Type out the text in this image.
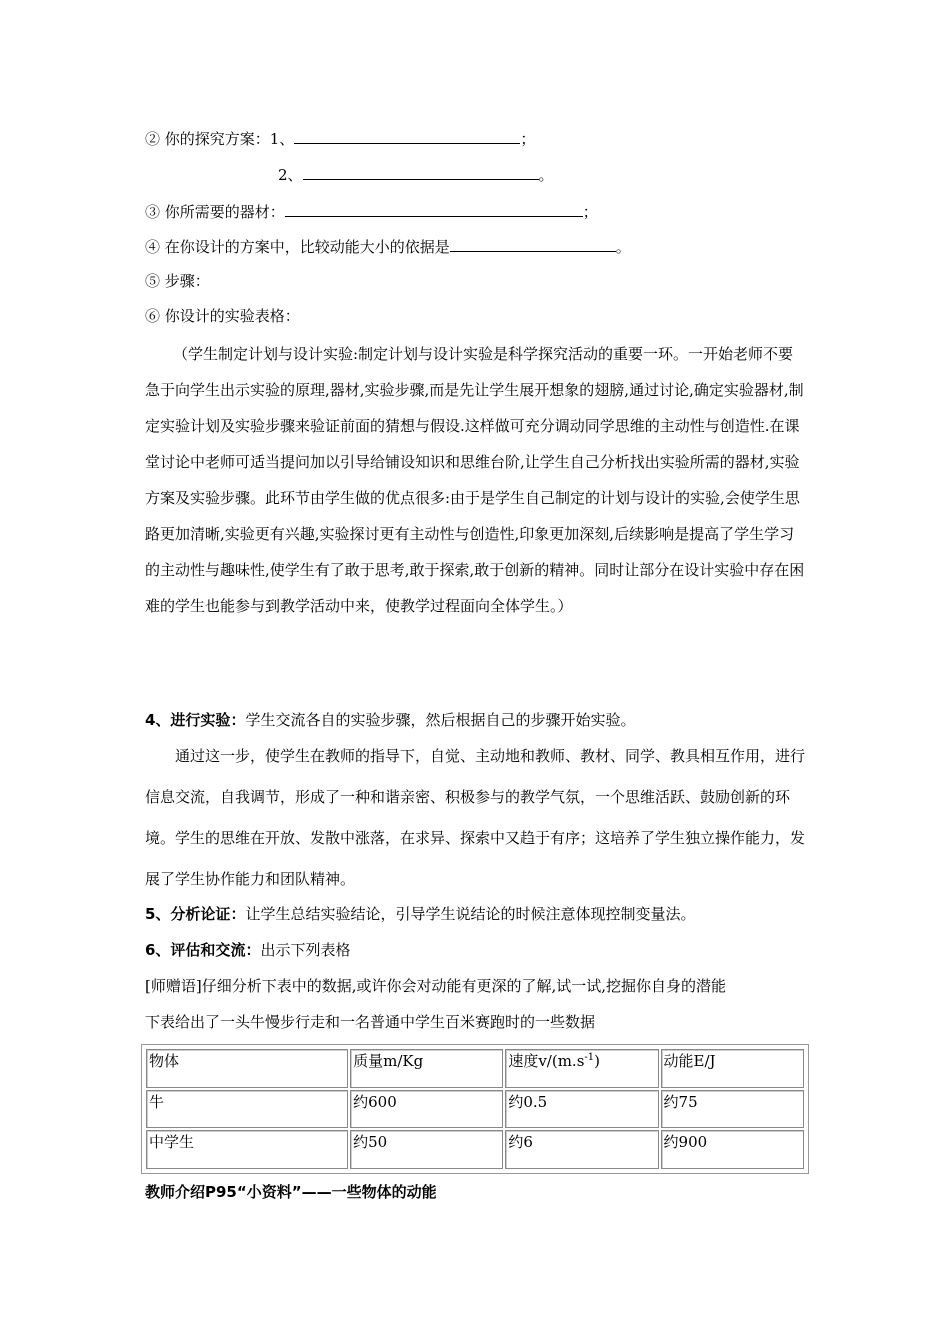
② 你的探究方案：1、	；
2、	。
③ 你所需要的器材：	；
④ 在你设计的方案中，比较动能大小的依据是	。
⑤ 步骤：
⑥ 你设计的实验表格：
（学生制定计划与设计实验:制定计划与设计实验是科学探究活动的重要一环。一开始老师不要急于向学生出示实验的原理,器材,实验步骤,而是先让学生展开想象的翅膀,通过讨论,确定实验器材,制定实验计划及实验步骤来验证前面的猜想与假设.这样做可充分调动同学思维的主动性与创造性.在课堂讨论中老师可适当提问加以引导给铺设知识和思维台阶,让学生自己分析找出实验所需的器材,实验方案及实验步骤。此环节由学生做的优点很多:由于是学生自己制定的计划与设计的实验,会使学生思路更加清晰,实验更有兴趣,实验探讨更有主动性与创造性,印象更加深刻,后续影响是提高了学生学习的主动性与趣味性,使学生有了敢于思考,敢于探索,敢于创新的精神。同时让部分在设计实验中存在困难的学生也能参与到教学活动中来，使教学过程面向全体学生。）
4、进行实验：学生交流各自的实验步骤，然后根据自己的步骤开始实验。
通过这一步，使学生在教师的指导下，自觉、主动地和教师、教材、同学、教具相互作用，进行信息交流，自我调节，形成了一种和谐亲密、积极参与的教学气氛，一个思维活跃、鼓励创新的环境。学生的思维在开放、发散中涨落，在求异、探索中又趋于有序；这培养了学生独立操作能力，发展了学生协作能力和团队精神。
5、分析论证：让学生总结实验结论，引导学生说结论的时候注意体现控制变量法。
6、评估和交流：出示下列表格
[师赠语]仔细分析下表中的数据,或许你会对动能有更深的了解,试一试,挖掘你自身的潜能
下表给出了一头牛慢步行走和一名普通中学生百米赛跑时的一些数据
物体	质量m/Kg	速度$v/(m.s^{-1})$	动能E/J
牛	约600	约0.5	约75
中学生	约50	约6	约900
教师介绍P95“小资料”——一些物体的动能
